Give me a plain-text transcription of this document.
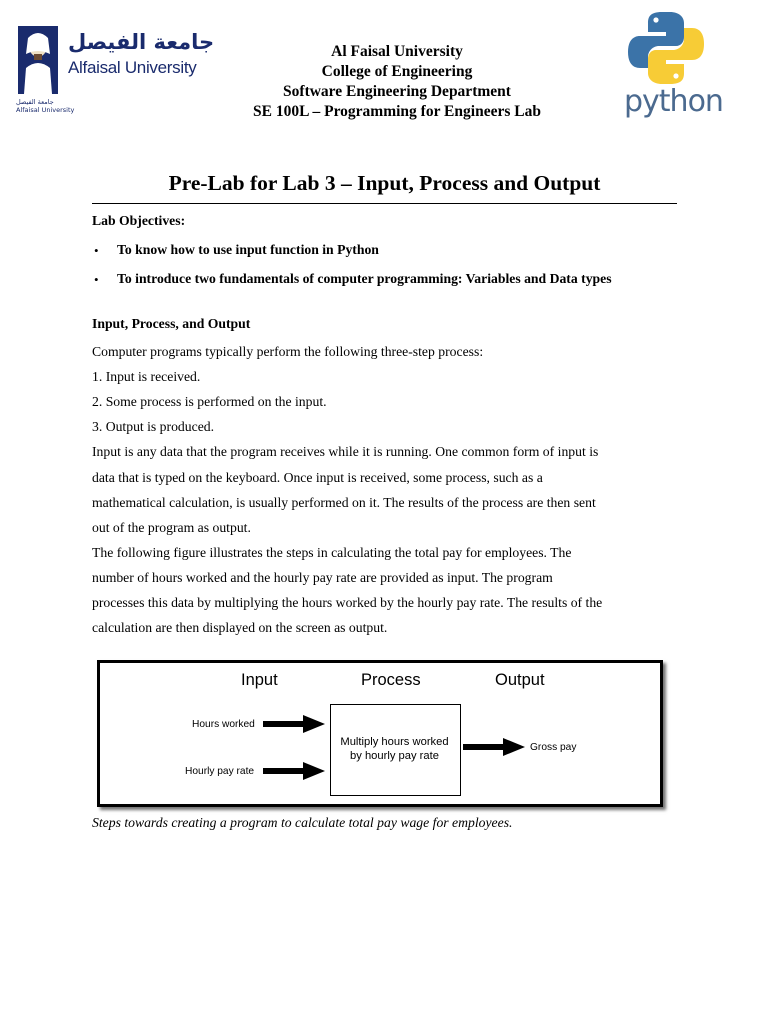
جامعة الفيصل
Alfaisal University
جامعة الفيصل
Alfaisal University
Al Faisal University
College of Engineering
Software Engineering Department
SE 100L – Programming for Engineers Lab	python
Pre-Lab for Lab 3 – Input, Process and Output
Lab Objectives:
• To know how to use input function in Python
• To introduce two fundamentals of computer programming: Variables and Data types
Input, Process, and Output
Computer programs typically perform the following three-step process:
1. Input is received.
2. Some process is performed on the input.
3. Output is produced.
Input is any data that the program receives while it is running. One common form of input is
data that is typed on the keyboard. Once input is received, some process, such as a
mathematical calculation, is usually performed on it. The results of the process are then sent
out of the program as output.
The following figure illustrates the steps in calculating the total pay for employees. The
number of hours worked and the hourly pay rate are provided as input. The program
processes this data by multiplying the hours worked by the hourly pay rate. The results of the
calculation are then displayed on the screen as output.
Input	Process	Output
Hours worked
Hourly pay rate
Multiply hours worked
by hourly pay rate
Gross pay
Steps towards creating a program to calculate total pay wage for employees.
